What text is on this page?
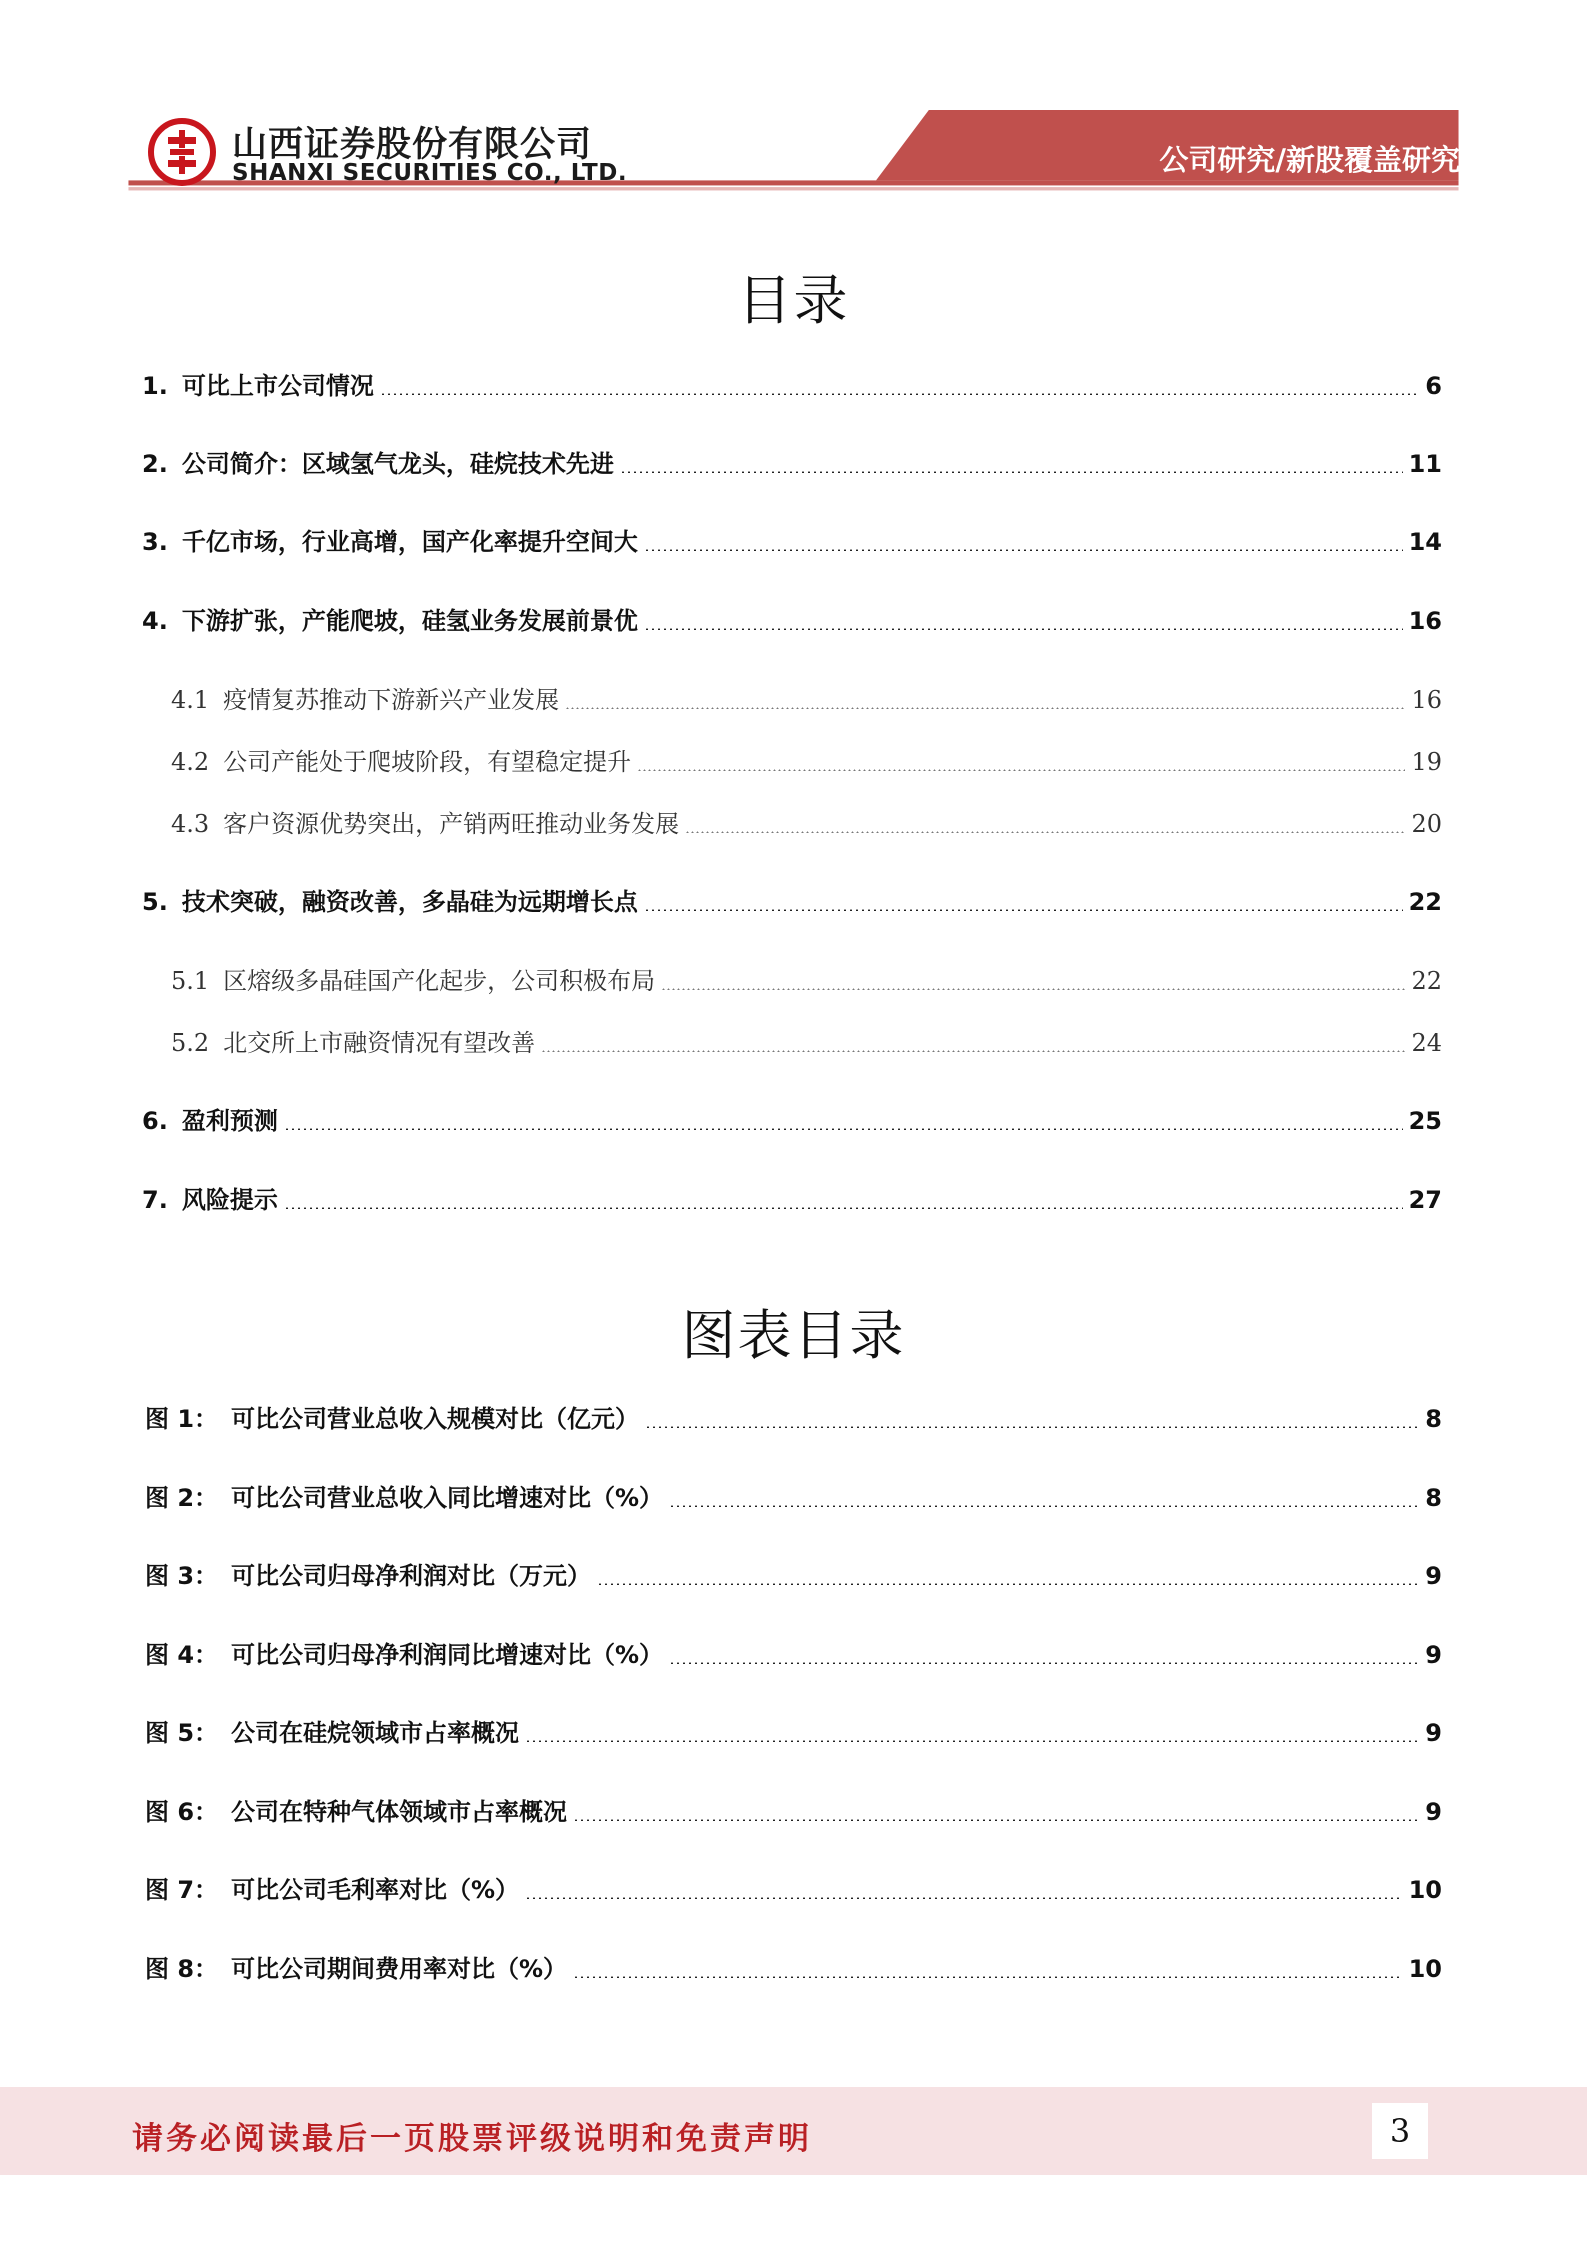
山西证券股份有限公司
SHANXI SECURITIES CO., LTD.	公司研究/新股覆盖研究
目录
1. 可比上市公司情况	6
2. 公司简介：区域氢气龙头，硅烷技术先进	11
3. 千亿市场，行业高增，国产化率提升空间大	14
4. 下游扩张，产能爬坡，硅氢业务发展前景优	16
4.1 疫情复苏推动下游新兴产业发展	16
4.2 公司产能处于爬坡阶段，有望稳定提升	19
4.3 客户资源优势突出，产销两旺推动业务发展	20
5. 技术突破，融资改善，多晶硅为远期增长点	22
5.1 区熔级多晶硅国产化起步，公司积极布局	22
5.2 北交所上市融资情况有望改善	24
6. 盈利预测	25
7. 风险提示	27
图表目录
图 1： 可比公司营业总收入规模对比（亿元）	8
图 2： 可比公司营业总收入同比增速对比（%）	8
图 3： 可比公司归母净利润对比（万元）	9
图 4： 可比公司归母净利润同比增速对比（%）	9
图 5： 公司在硅烷领域市占率概况	9
图 6： 公司在特种气体领域市占率概况	9
图 7： 可比公司毛利率对比（%）	10
图 8： 可比公司期间费用率对比（%）	10
请务必阅读最后一页股票评级说明和免责声明	3
